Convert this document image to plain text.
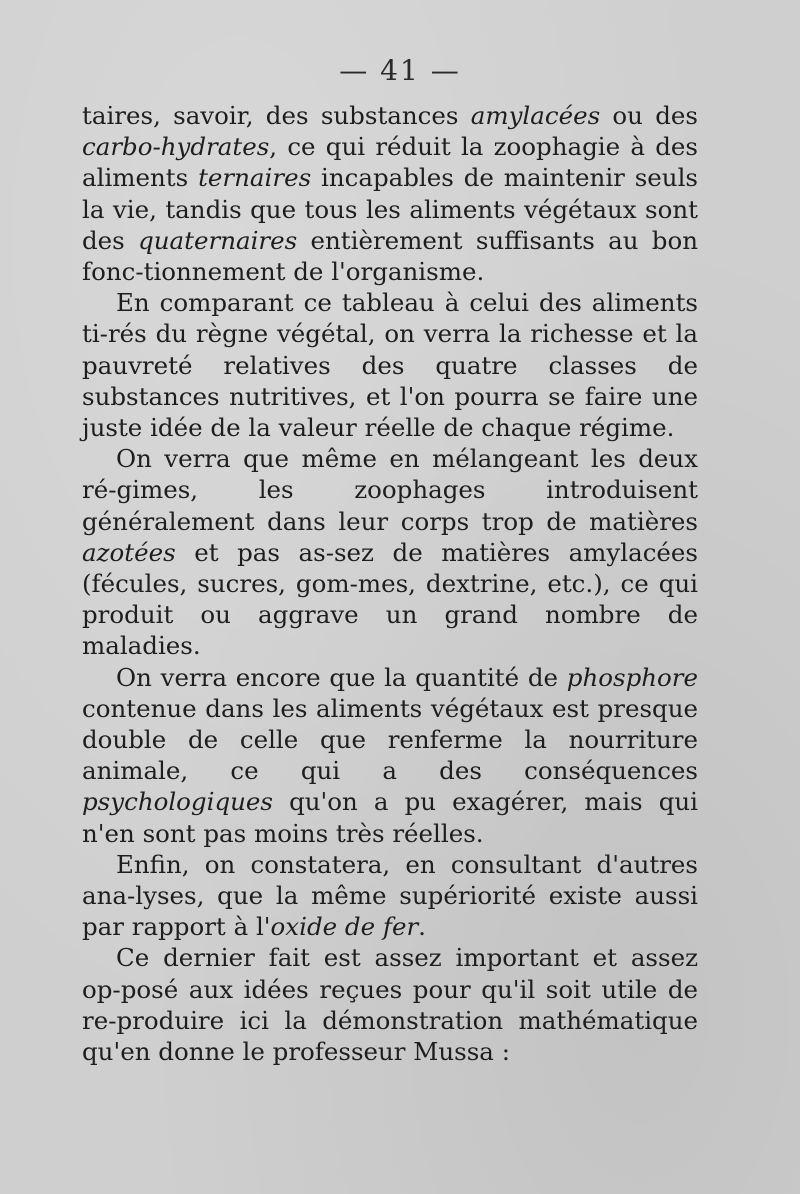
— 41 —

taires, savoir, des substances amylacées ou des carbo-hydrates, ce qui réduit la zoophagie à des aliments ternaires incapables de maintenir seuls la vie, tandis que tous les aliments végétaux sont des quaternaires entièrement suffisants au bon fonc-tionnement de l'organisme.

En comparant ce tableau à celui des aliments ti-rés du règne végétal, on verra la richesse et la pauvreté relatives des quatre classes de substances nutritives, et l'on pourra se faire une juste idée de la valeur réelle de chaque régime.

On verra que même en mélangeant les deux ré-gimes, les zoophages introduisent généralement dans leur corps trop de matières azotées et pas as-sez de matières amylacées (fécules, sucres, gom-mes, dextrine, etc.), ce qui produit ou aggrave un grand nombre de maladies.

On verra encore que la quantité de phosphore contenue dans les aliments végétaux est presque double de celle que renferme la nourriture animale, ce qui a des conséquences psychologiques qu'on a pu exagérer, mais qui n'en sont pas moins très réelles.

Enfin, on constatera, en consultant d'autres ana-lyses, que la même supériorité existe aussi par rapport à l'oxide de fer.

Ce dernier fait est assez important et assez op-posé aux idées reçues pour qu'il soit utile de re-produire ici la démonstration mathématique qu'en donne le professeur Mussa :
